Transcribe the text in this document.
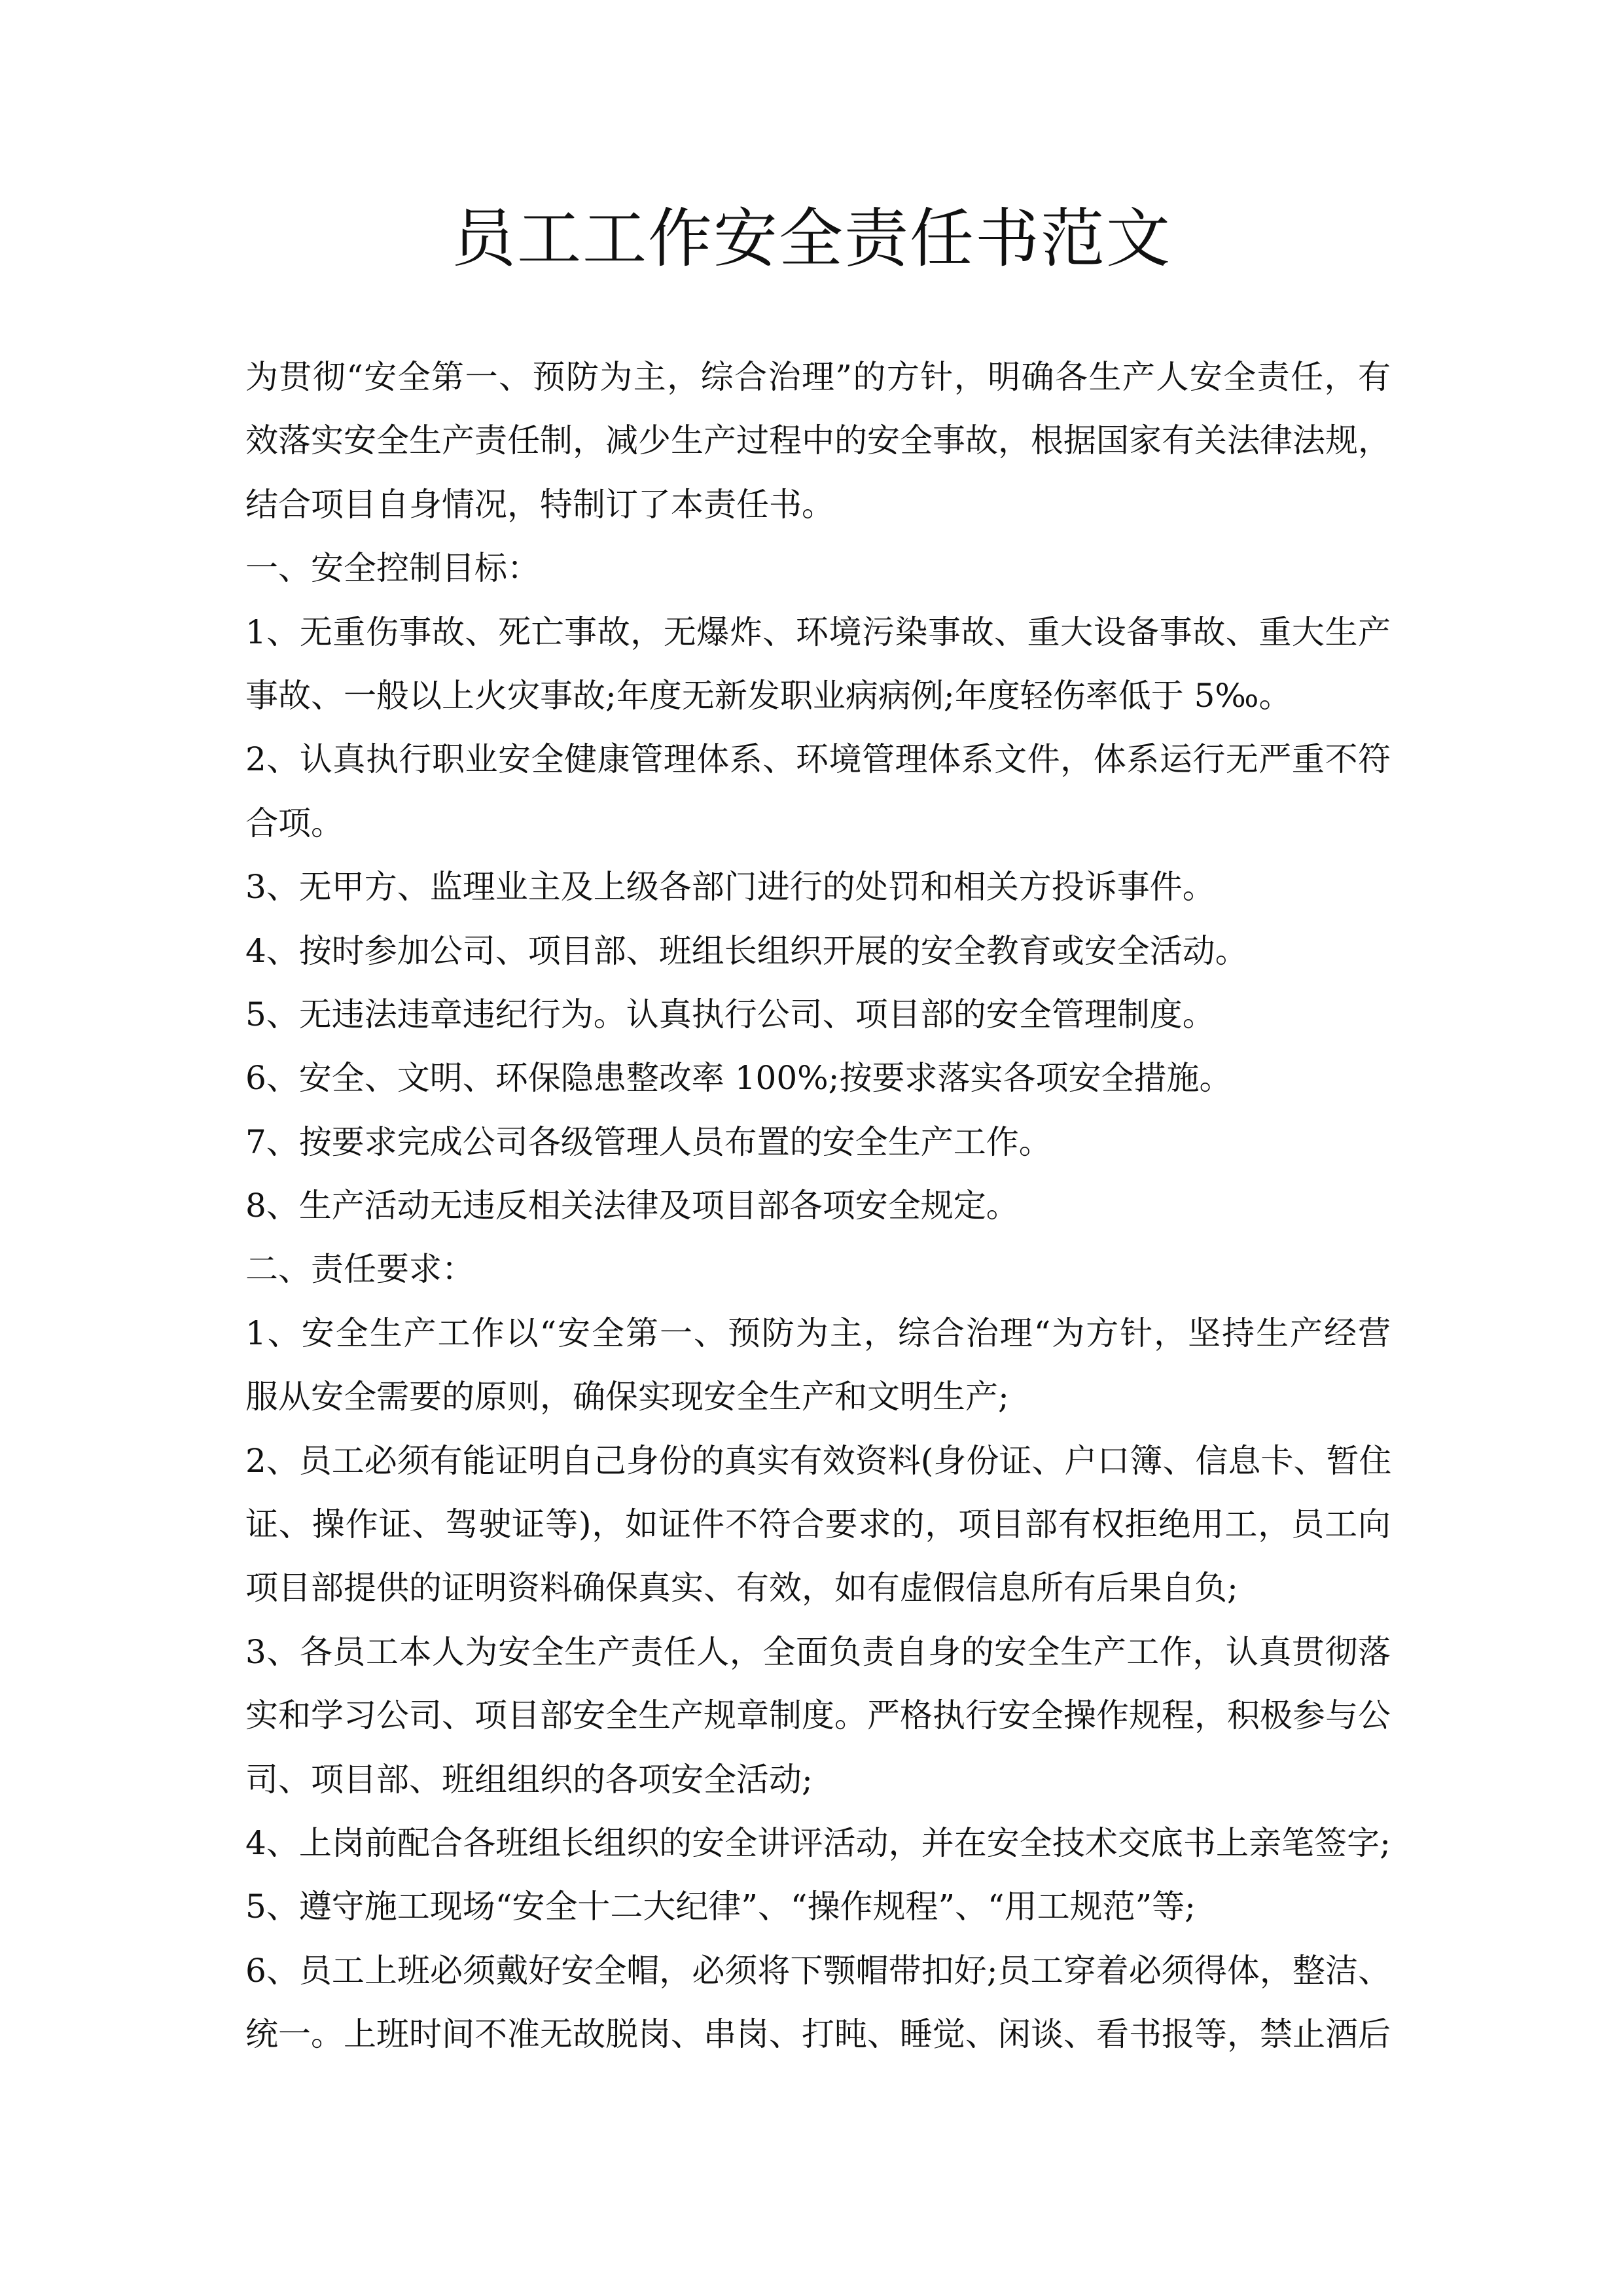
员工工作安全责任书范文
为贯彻“安全第一、预防为主，综合治理”的方针，明确各生产人安全责任，有
效落实安全生产责任制，减少生产过程中的安全事故，根据国家有关法律法规，
结合项目自身情况，特制订了本责任书。
一、安全控制目标：
1、无重伤事故、死亡事故，无爆炸、环境污染事故、重大设备事故、重大生产
事故、一般以上火灾事故;年度无新发职业病病例;年度轻伤率低于 5‰。
2、认真执行职业安全健康管理体系、环境管理体系文件，体系运行无严重不符
合项。
3、无甲方、监理业主及上级各部门进行的处罚和相关方投诉事件。
4、按时参加公司、项目部、班组长组织开展的安全教育或安全活动。
5、无违法违章违纪行为。认真执行公司、项目部的安全管理制度。
6、安全、文明、环保隐患整改率 100%;按要求落实各项安全措施。
7、按要求完成公司各级管理人员布置的安全生产工作。
8、生产活动无违反相关法律及项目部各项安全规定。
二、责任要求：
1、安全生产工作以“安全第一、预防为主，综合治理“为方针，坚持生产经营
服从安全需要的原则，确保实现安全生产和文明生产;
2、员工必须有能证明自己身份的真实有效资料(身份证、户口簿、信息卡、暂住
证、操作证、驾驶证等)，如证件不符合要求的，项目部有权拒绝用工，员工向
项目部提供的证明资料确保真实、有效，如有虚假信息所有后果自负;
3、各员工本人为安全生产责任人，全面负责自身的安全生产工作，认真贯彻落
实和学习公司、项目部安全生产规章制度。严格执行安全操作规程，积极参与公
司、项目部、班组组织的各项安全活动;
4、上岗前配合各班组长组织的安全讲评活动，并在安全技术交底书上亲笔签字;
5、遵守施工现场“安全十二大纪律”、“操作规程”、“用工规范”等;
6、员工上班必须戴好安全帽，必须将下颚帽带扣好;员工穿着必须得体，整洁、
统一。上班时间不准无故脱岗、串岗、打盹、睡觉、闲谈、看书报等，禁止酒后
